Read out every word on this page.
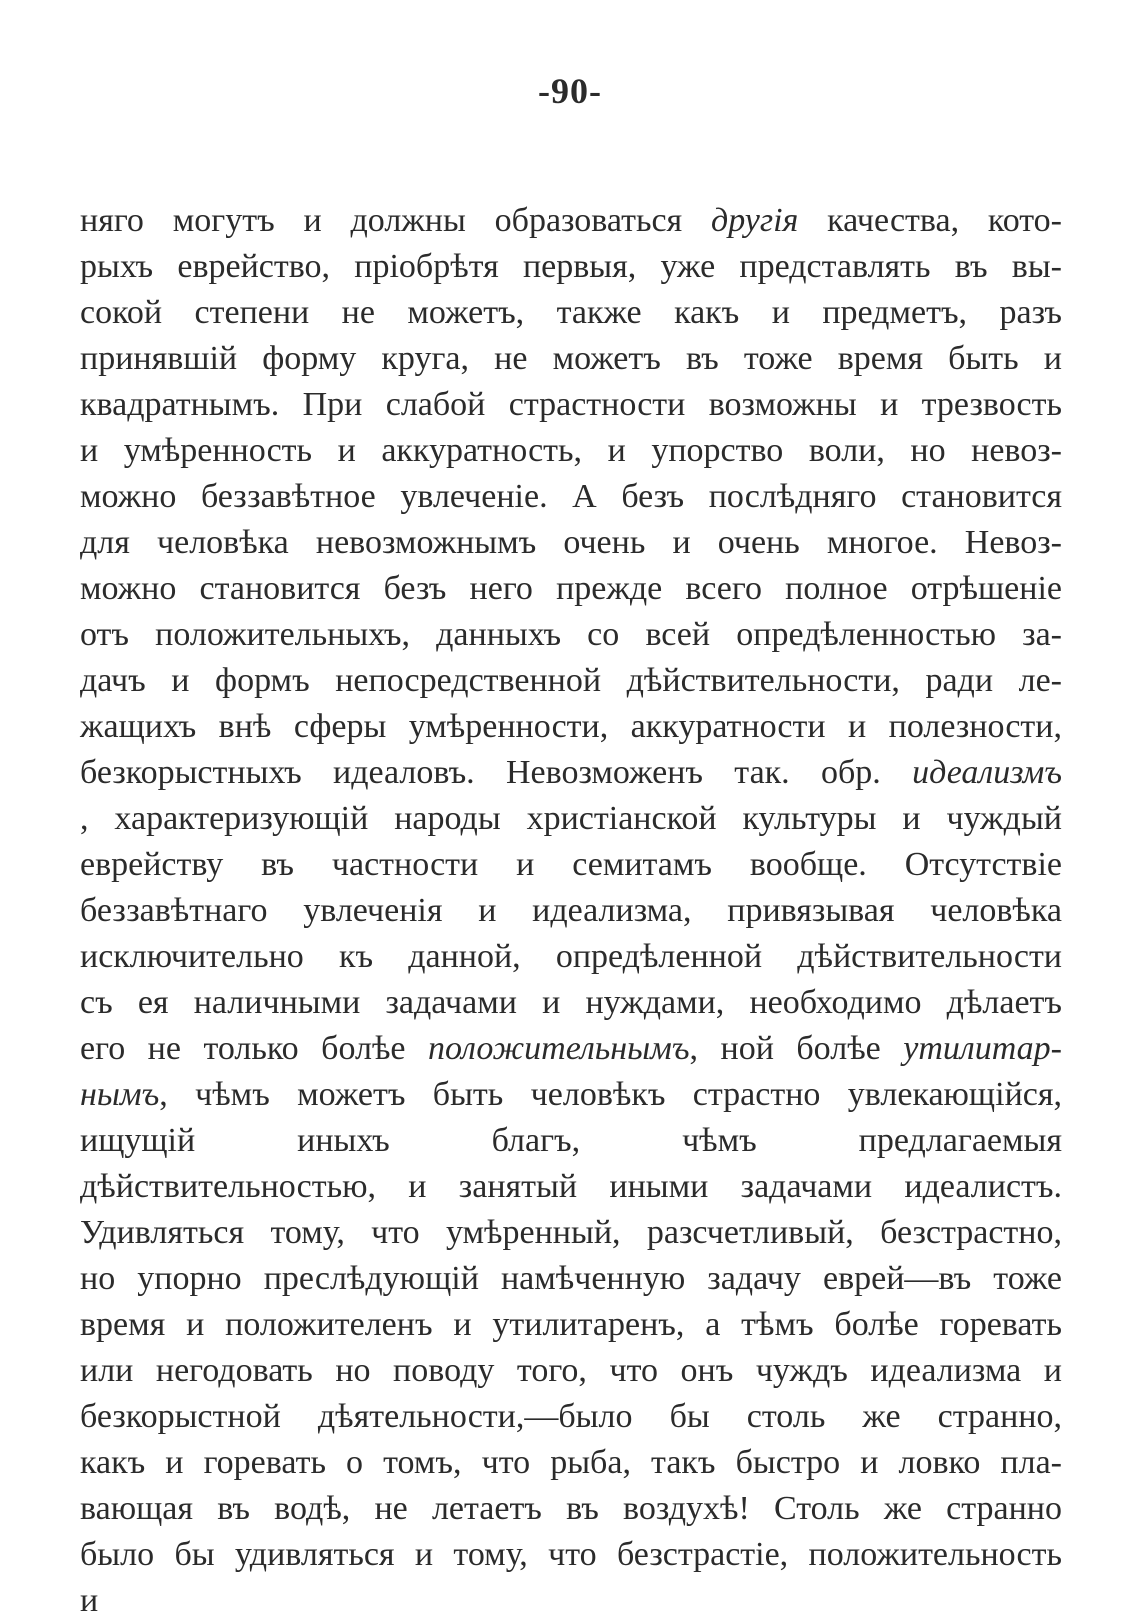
-90-
няго могутъ и должны образоваться другія качества, кото-
рыхъ еврейство, пріобрѣтя первыя, уже представлять въ вы-
сокой степени не можетъ, также какъ и предметъ, разъ
принявшій форму круга, не можетъ въ тоже время быть и
квадратнымъ. При слабой страстности возможны и трезвость
и умѣренность и аккуратность, и упорство воли, но невоз-
можно беззавѣтное увлеченіе. А безъ послѣдняго становится
для человѣка невозможнымъ очень и очень многое. Невоз-
можно становится безъ него прежде всего полное отрѣшеніе
отъ положительныхъ, данныхъ со всей опредѣленностью за-
дачъ и формъ непосредственной дѣйствительности, ради ле-
жащихъ внѣ сферы умѣренности, аккуратности и полезности,
безкорыстныхъ идеаловъ. Невозможенъ так. обр. идеализмъ
, характеризующій народы христіанской культуры и чуждый
еврейству въ частности и семитамъ вообще. Отсутствіе
беззавѣтнаго увлеченія и идеализма, привязывая человѣка
исключительно къ данной, опредѣленной дѣйствительности
съ ея наличными задачами и нуждами, необходимо дѣлаетъ
его не только болѣе положительнымъ, ной болѣе утилитар-
нымъ, чѣмъ можетъ быть человѣкъ страстно увлекающійся,
ищущій иныхъ благъ, чѣмъ предлагаемыя
дѣйствительностью, и занятый иными задачами идеалистъ.
Удивляться тому, что умѣренный, разсчетливый, безстрастно,
но упорно преслѣдующій намѣченную задачу еврей—въ тоже
время и положителенъ и утилитаренъ, а тѣмъ болѣе горевать
или негодовать но поводу того, что онъ чуждъ идеализма и
безкорыстной дѣятельности,—было бы столь же странно,
какъ и горевать о томъ, что рыба, такъ быстро и ловко пла-
вающая въ водѣ, не летаетъ въ воздухѣ! Столь же странно
было бы удивляться и тому, что безстрастіе, положительность
и
